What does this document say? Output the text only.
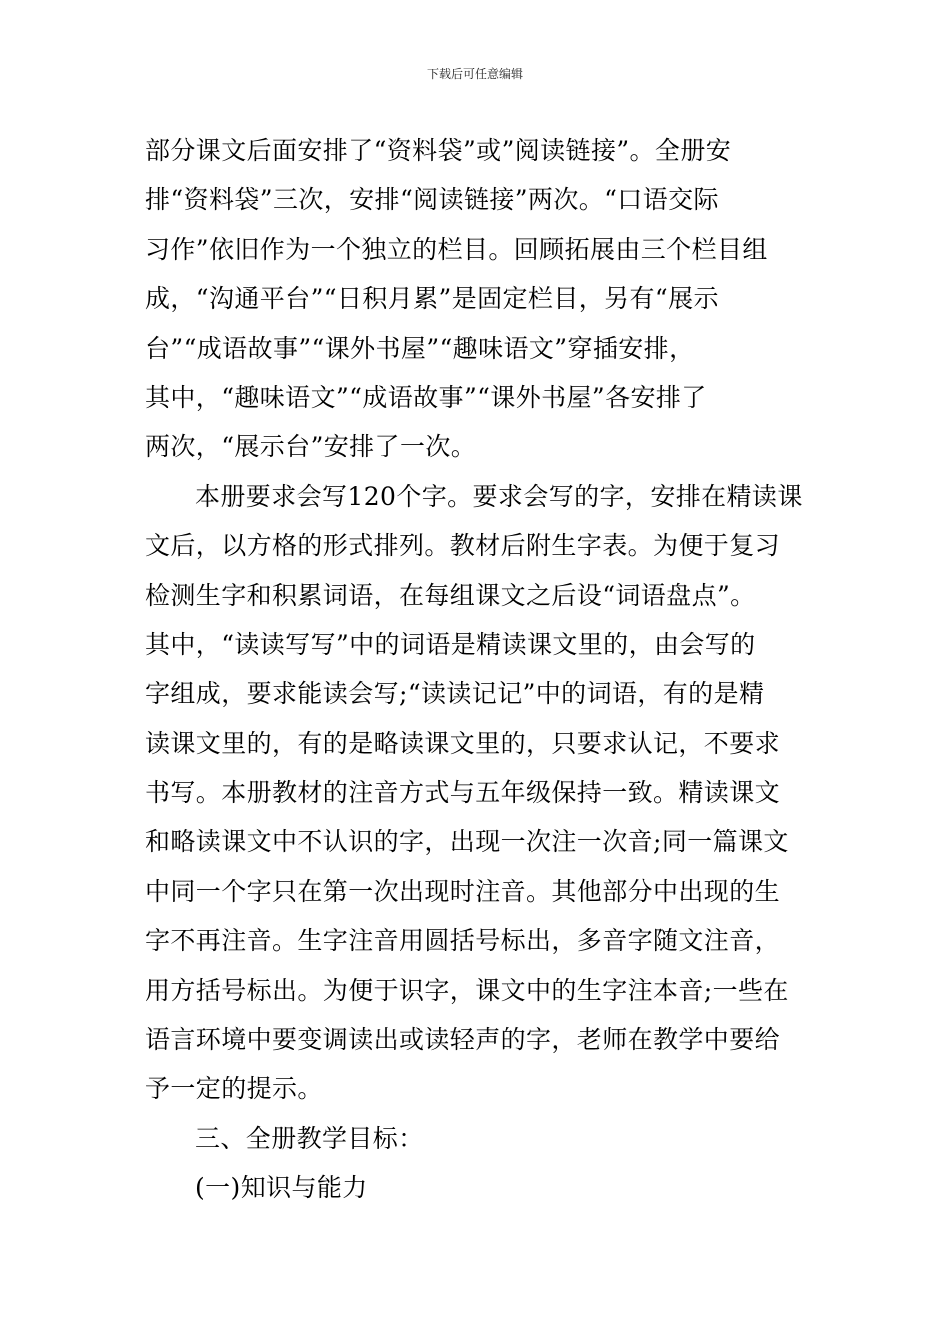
下载后可任意编辑
部分课文后面安排了“资料袋”或”阅读链接”。全册安
排“资料袋”三次，安排“阅读链接”两次。“口语交际
习作”依旧作为一个独立的栏目。回顾拓展由三个栏目组
成，“沟通平台”“日积月累”是固定栏目，另有“展示
台”“成语故事”“课外书屋”“趣味语文”穿插安排，
其中，“趣味语文”“成语故事”“课外书屋”各安排了
两次，“展示台”安排了一次。
本册要求会写120个字。要求会写的字，安排在精读课
文后，以方格的形式排列。教材后附生字表。为便于复习
检测生字和积累词语，在每组课文之后设“词语盘点”。
其中，“读读写写”中的词语是精读课文里的，由会写的
字组成，要求能读会写;“读读记记”中的词语，有的是精
读课文里的，有的是略读课文里的，只要求认记，不要求
书写。本册教材的注音方式与五年级保持一致。精读课文
和略读课文中不认识的字，出现一次注一次音;同一篇课文
中同一个字只在第一次出现时注音。其他部分中出现的生
字不再注音。生字注音用圆括号标出，多音字随文注音，
用方括号标出。为便于识字，课文中的生字注本音;一些在
语言环境中要变调读出或读轻声的字，老师在教学中要给
予一定的提示。
三、全册教学目标：
(一)知识与能力
